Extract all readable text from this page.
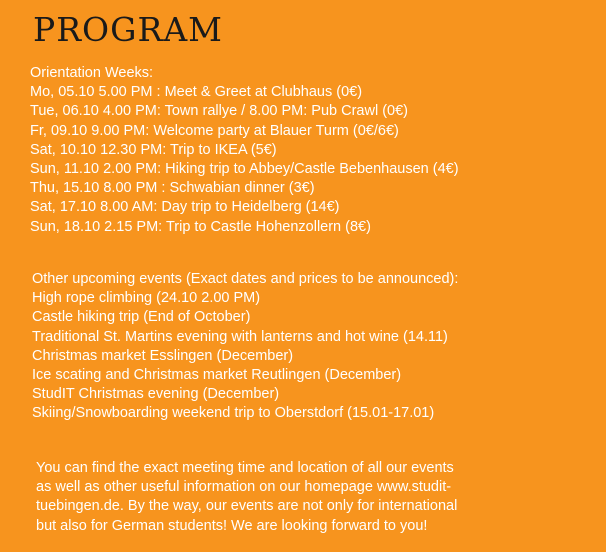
PROGRAM
Orientation Weeks:
Mo, 05.10 5.00 PM : Meet & Greet at Clubhaus (0€)
Tue, 06.10 4.00 PM: Town rallye / 8.00 PM: Pub Crawl (0€)
Fr, 09.10 9.00 PM: Welcome party at Blauer Turm (0€/6€)
Sat, 10.10 12.30 PM: Trip to IKEA (5€)
Sun, 11.10 2.00 PM: Hiking trip to Abbey/Castle Bebenhausen (4€)
Thu, 15.10 8.00 PM : Schwabian dinner (3€)
Sat, 17.10 8.00 AM: Day trip to Heidelberg (14€)
Sun, 18.10 2.15 PM: Trip to Castle Hohenzollern (8€)
Other upcoming events (Exact dates and prices to be announced):
High rope climbing (24.10 2.00 PM)
Castle hiking trip (End of October)
Traditional St. Martins evening with lanterns and hot wine (14.11)
Christmas market Esslingen (December)
Ice scating and Christmas market Reutlingen (December)
StudIT Christmas evening (December)
Skiing/Snowboarding weekend trip to Oberstdorf (15.01-17.01)
You can find the exact meeting time and location of all our events
as well as other useful information on our homepage www.studit-
tuebingen.de. By the way, our events are not only for international
but also for German students! We are looking forward to you!
